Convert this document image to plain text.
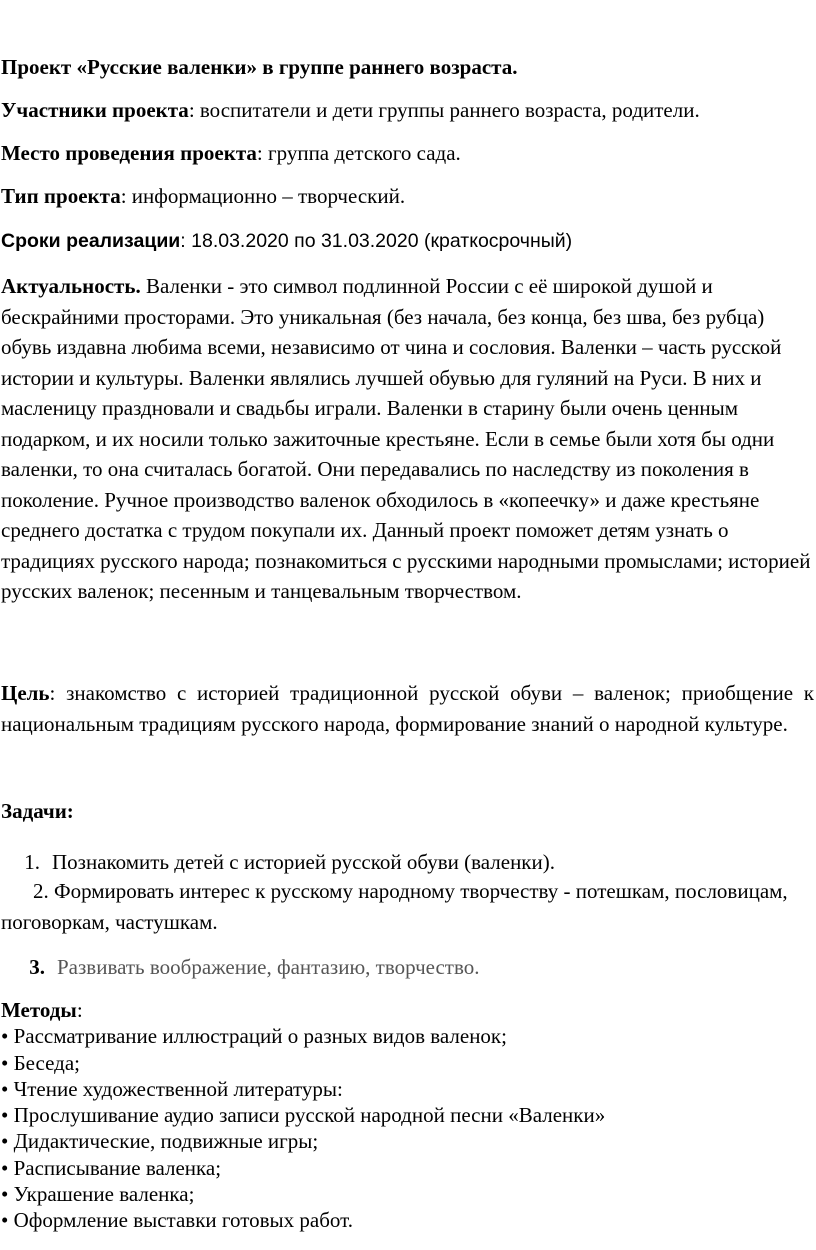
Проект «Русские валенки» в группе раннего возраста.
Участники проекта: воспитатели и дети группы раннего возраста, родители.
Место проведения проекта: группа детского сада.
Тип проекта: информационно – творческий.
Сроки реализации: 18.03.2020 по 31.03.2020 (краткосрочный)
Актуальность. Валенки - это символ подлинной России с её широкой душой и бескрайними просторами. Это уникальная (без начала, без конца, без шва, без рубца) обувь издавна любима всеми, независимо от чина и сословия. Валенки – часть русской истории и культуры. Валенки являлись лучшей обувью для гуляний на Руси. В них и масленицу праздновали и свадьбы играли. Валенки в старину были очень ценным подарком, и их носили только зажиточные крестьяне. Если в семье были хотя бы одни валенки, то она считалась богатой. Они передавались по наследству из поколения в поколение. Ручное производство валенок обходилось в «копеечку» и даже крестьяне среднего достатка с трудом покупали их. Данный проект поможет детям узнать о традициях русского народа; познакомиться с русскими народными промыслами; историей русских валенок; песенным и танцевальным творчеством.
Цель: знакомство с историей традиционной русской обуви – валенок; приобщение к национальным традициям русского народа, формирование знаний о народной культуре.
Задачи:
1. Познакомить детей с историей русской обуви (валенки).
2. Формировать интерес к русскому народному творчеству - потешкам, пословицам, поговоркам, частушкам.
3. Развивать воображение, фантазию, творчество.
Методы:
• Рассматривание иллюстраций о разных видов валенок;
• Беседа;
• Чтение художественной литературы:
• Прослушивание аудио записи русской народной песни «Валенки»
• Дидактические, подвижные игры;
• Расписывание валенка;
• Украшение валенка;
• Оформление выставки готовых работ.
